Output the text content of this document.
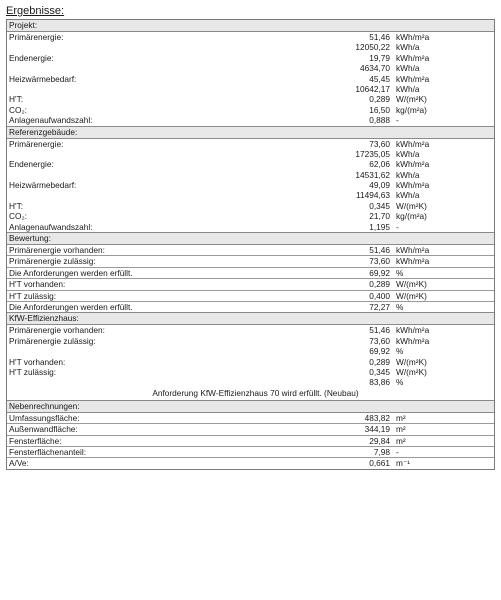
Ergebnisse:
Projekt:
Primärenergie:	51,46 kWh/m²a
12050,22 kWh/a
Endenergie:	19,79 kWh/m²a
4634,70 kWh/a
Heizwärmebedarf:	45,45 kWh/m²a
10642,17 kWh/a
H'T:	0,289 W/(m²K)
CO₂:	16,50 kg/(m²a)
Anlagenaufwandszahl:	0,888 -
Referenzgebäude:
Primärenergie:	73,60 kWh/m²a
17235,05 kWh/a
Endenergie:	62,06 kWh/m²a
14531,62 kWh/a
Heizwärmebedarf:	49,09 kWh/m²a
11494,63 kWh/a
H'T:	0,345 W/(m²K)
CO₂:	21,70 kg/(m²a)
Anlagenaufwandszahl:	1,195 -
Bewertung:
Primärenergie vorhanden:	51,46 kWh/m²a
Primärenergie zulässig:	73,60 kWh/m²a
Die Anforderungen werden erfüllt.	69,92 %
H'T vorhanden:	0,289 W/(m²K)
H'T zulässig:	0,400 W/(m²K)
Die Anforderungen werden erfüllt.	72,27 %
KfW-Effizienzhaus:
Primärenergie vorhanden:	51,46 kWh/m²a
Primärenergie zulässig:	73,60 kWh/m²a
69,92 %
H'T vorhanden:	0,289 W/(m²K)
H'T zulässig:	0,345 W/(m²K)
83,86 %
Anforderung KfW-Effizienzhaus 70 wird erfüllt. (Neubau)
Nebenrechnungen:
Umfassungsfläche:	483,82 m²
Außenwandfläche:	344,19 m²
Fensterfläche:	29,84 m²
Fensterflächenanteil:	7,98 -
A/Ve:	0,661 m⁻¹
